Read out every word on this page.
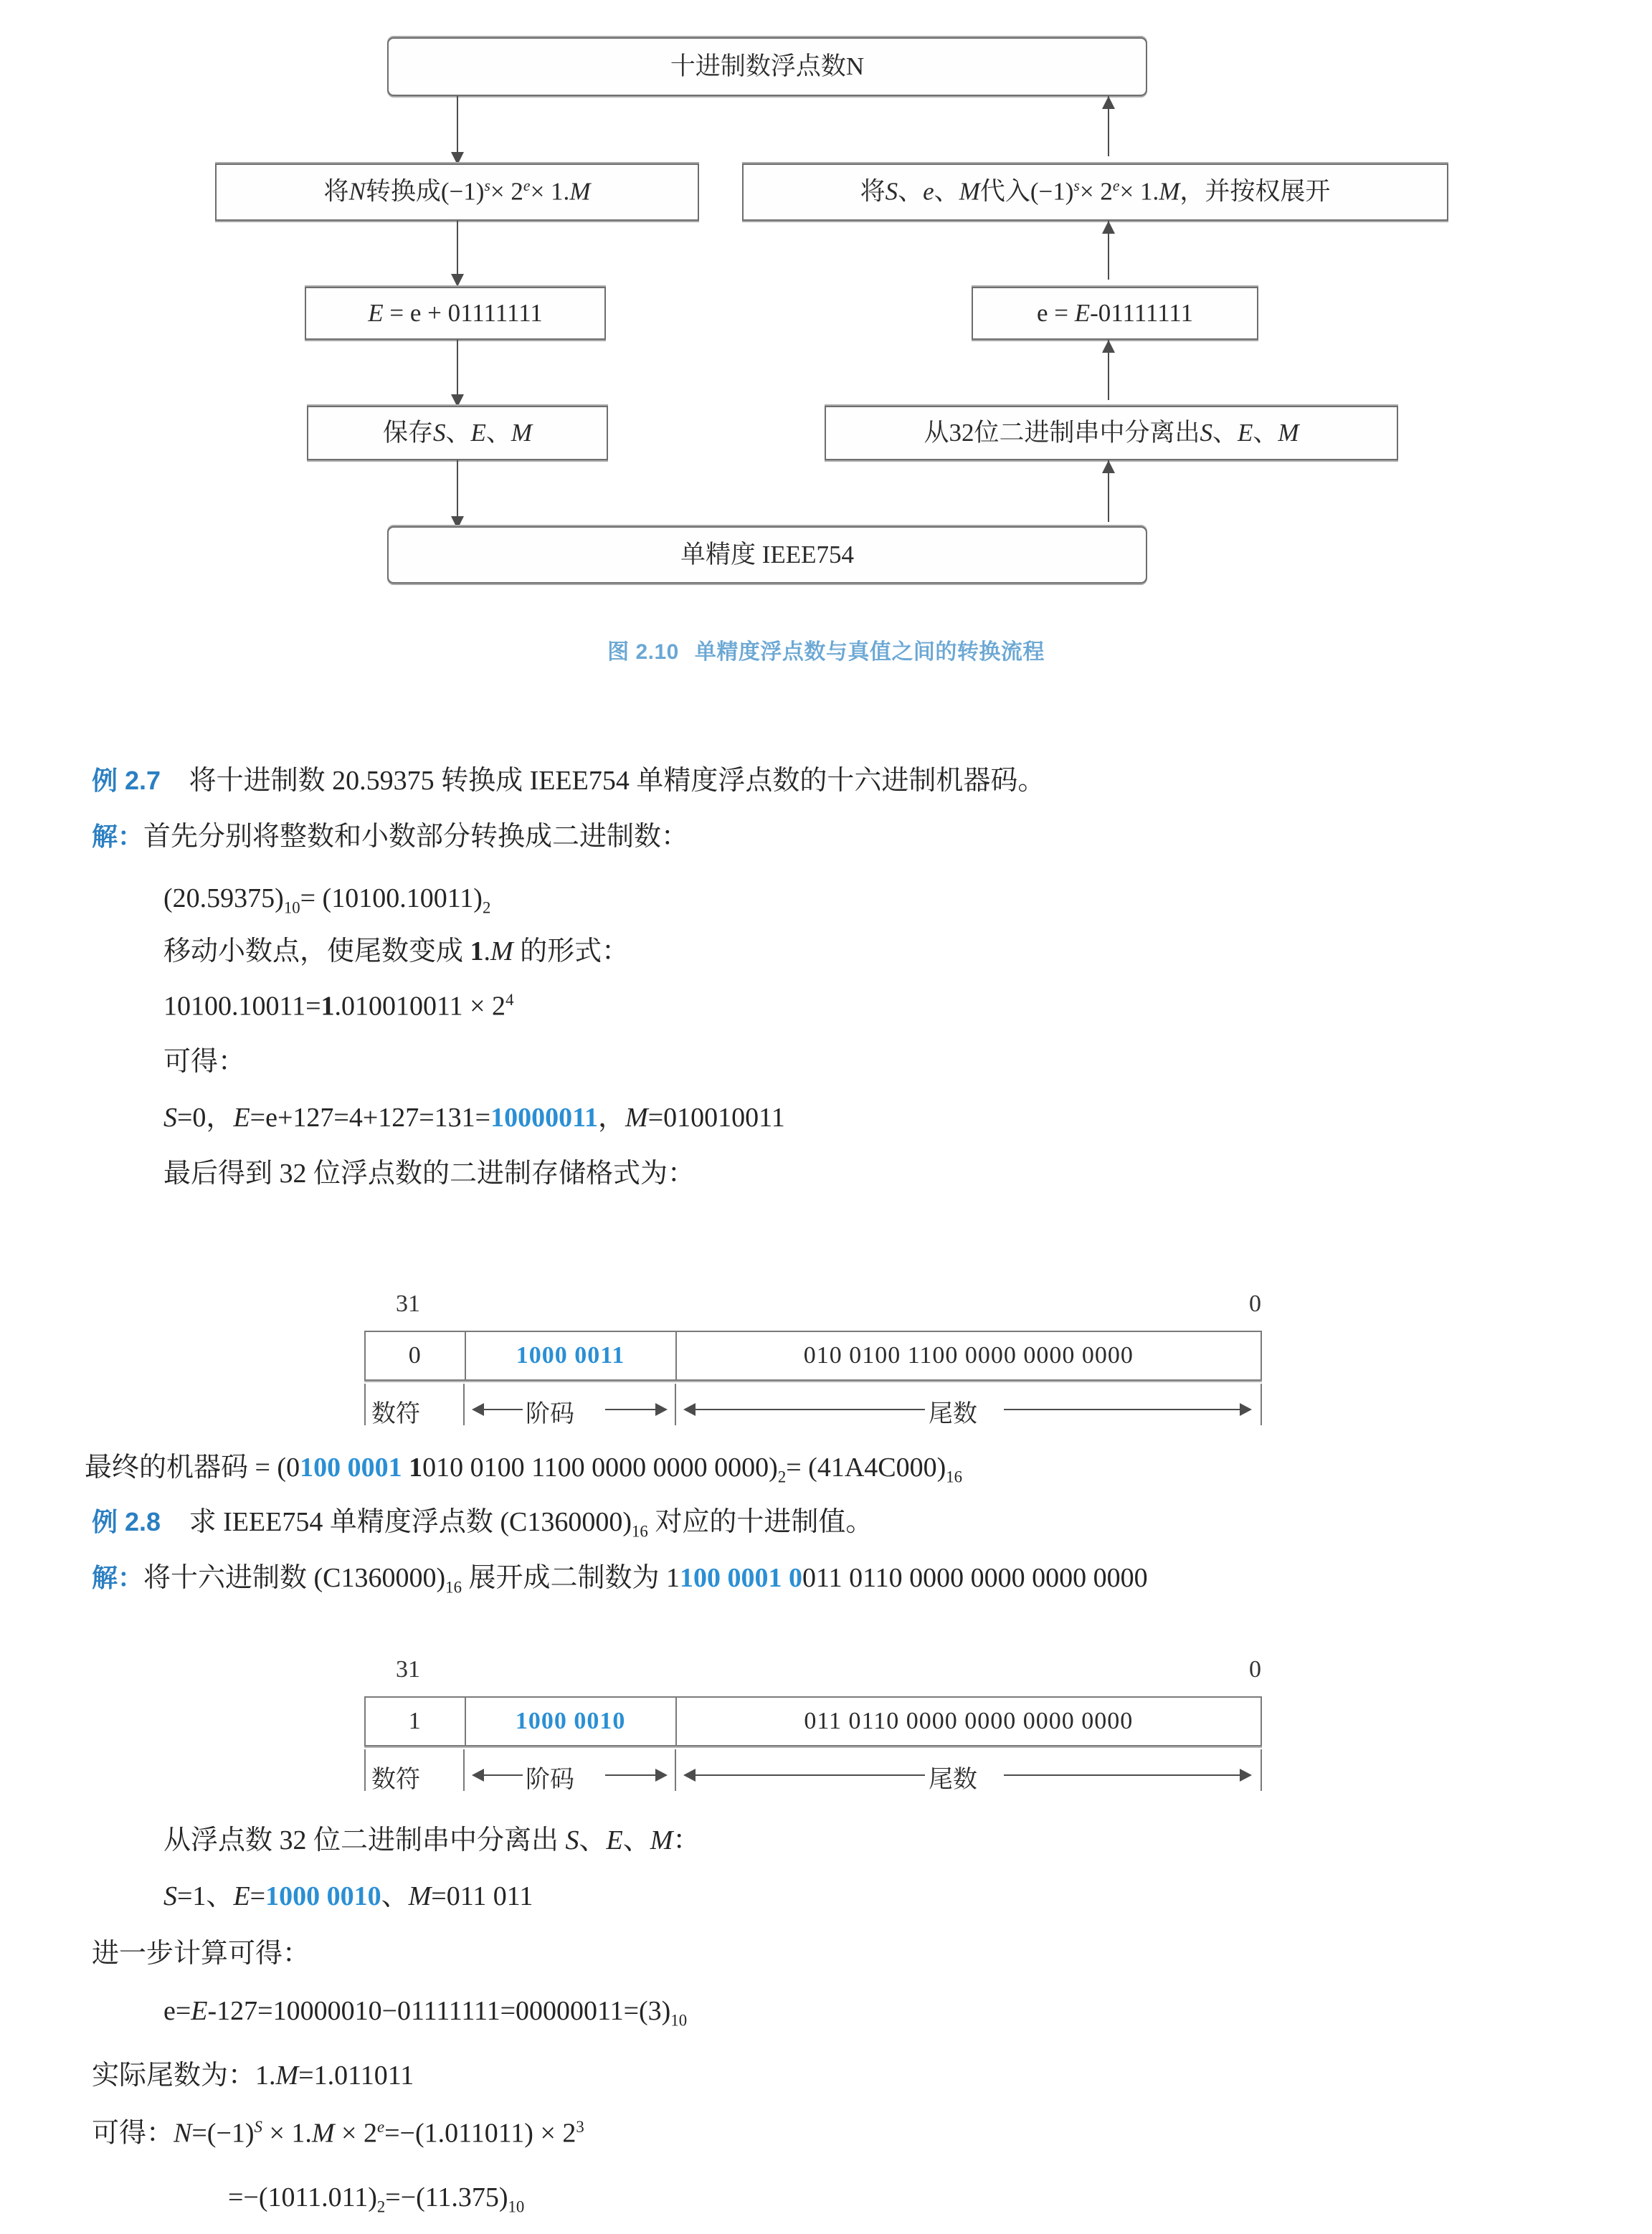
十进制数浮点数N
将N转换成$(-1)^s\times 2^e\times 1.M$	将S、e、M代入$(-1)^s\times 2^e\times 1.M$，并按权展开
E = e + 01111111	e = E-01111111
保存S、E、M	从32位二进制串中分离出S、E、M
单精度 IEEE754
图 2.10 单精度浮点数与真值之间的转换流程
例 2.7 将十进制数 20.59375 转换成 IEEE754 单精度浮点数的十六进制机器码。
解：首先分别将整数和小数部分转换成二进制数：
$(20.59375)_{10}= (10100.10011)_2$
移动小数点，使尾数变成 1.M 的形式：
$10100.10011=1.010010011 \times 2^4$
可得：
S=0，E=e+127=4+127=131=10000011，M=010010011
最后得到 32 位浮点数的二进制存储格式为：
31	0
0	1000 0011	010 0100 1100 0000 0000 0000
数符	阶码	尾数
最终的机器码 = (0100 0001 1010 0100 1100 0000 0000 $0000)_2= (41A4C000)_{16}$
例 2.8 求 IEEE754 单精度浮点数 $(C1360000)_{16}$ 对应的十进制值。
解：将十六进制数 $(C1360000)_{16}$ 展开成二制数为 1100 0001 0011 0110 0000 0000 0000 0000
31	0
1	1000 0010	011 0110 0000 0000 0000 0000
数符	阶码	尾数
从浮点数 32 位二进制串中分离出 S、E、M：
S=1、E=1000 0010、M=011 011
进一步计算可得：
$e=E-127=10000010-01111111=00000011=(3)_{10}$
实际尾数为：1.M=1.011011
可得：$N=(-1)^S \times 1.M \times 2^e=-(1.011011) \times 2^3$
$=-(1011.011)_2=-(11.375)_{10}$
